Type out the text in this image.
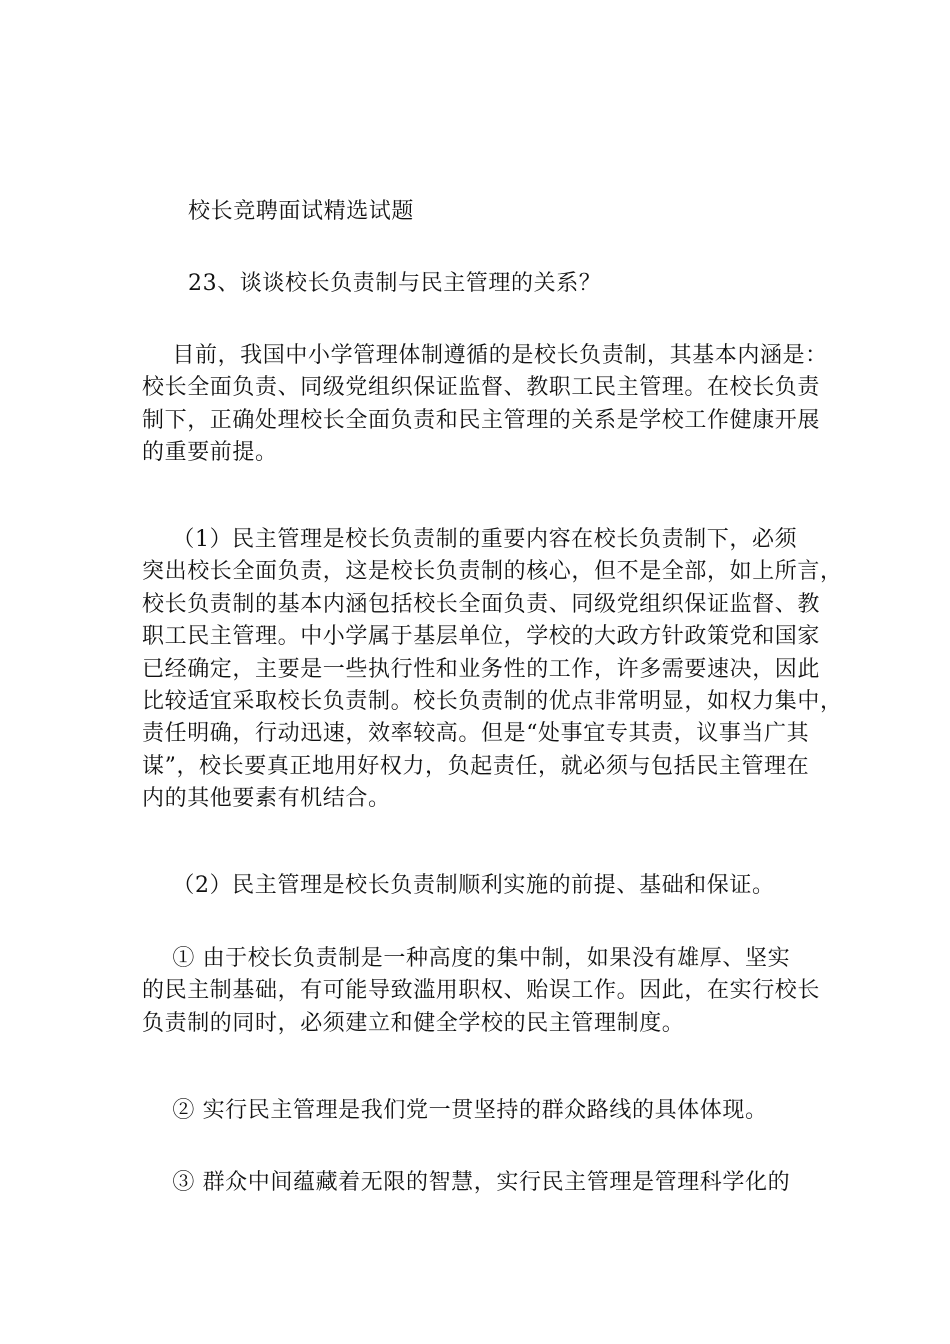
校长竞聘面试精选试题
23、谈谈校长负责制与民主管理的关系？
目前，我国中小学管理体制遵循的是校长负责制，其基本内涵是：
校长全面负责、同级党组织保证监督、教职工民主管理。在校长负责
制下，正确处理校长全面负责和民主管理的关系是学校工作健康开展
的重要前提。
（1）民主管理是校长负责制的重要内容在校长负责制下，必须
突出校长全面负责，这是校长负责制的核心，但不是全部，如上所言，
校长负责制的基本内涵包括校长全面负责、同级党组织保证监督、教
职工民主管理。中小学属于基层单位，学校的大政方针政策党和国家
已经确定，主要是一些执行性和业务性的工作，许多需要速决，因此
比较适宜采取校长负责制。校长负责制的优点非常明显，如权力集中，
责任明确，行动迅速，效率较高。但是“处事宜专其责，议事当广其
谋”，校长要真正地用好权力，负起责任，就必须与包括民主管理在
内的其他要素有机结合。
（2）民主管理是校长负责制顺利实施的前提、基础和保证。
① 由于校长负责制是一种高度的集中制，如果没有雄厚、坚实
的民主制基础，有可能导致滥用职权、贻误工作。因此，在实行校长
负责制的同时，必须建立和健全学校的民主管理制度。
② 实行民主管理是我们党一贯坚持的群众路线的具体体现。
③ 群众中间蕴藏着无限的智慧，实行民主管理是管理科学化的
